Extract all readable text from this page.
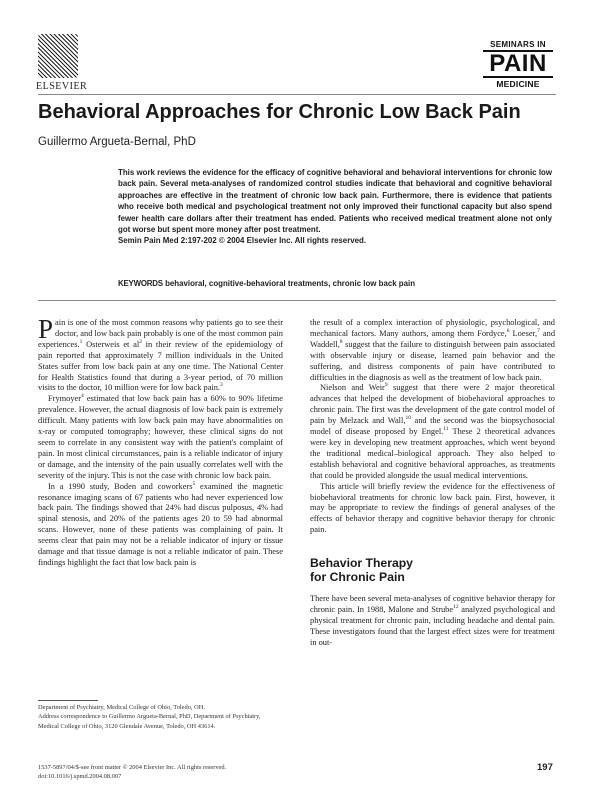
ELSEVIER
SEMINARS IN
PAIN
MEDICINE
Behavioral Approaches for Chronic Low Back Pain

Guillermo Argueta-Bernal, PhD

This work reviews the evidence for the efficacy of cognitive behavioral and behavioral interventions for chronic low back pain. Several meta-analyses of randomized control studies indicate that behavioral and cognitive behavioral approaches are effective in the treatment of chronic low back pain. Furthermore, there is evidence that patients who receive both medical and psychological treatment not only improved their functional capacity but also spend fewer health care dollars after their treatment has ended. Patients who received medical treatment alone not only got worse but spent more money after post treatment.

Semin Pain Med 2:197-202 © 2004 Elsevier Inc. All rights reserved.

KEYWORDS behavioral, cognitive-behavioral treatments, chronic low back pain

Pain is one of the most common reasons why patients go to see their doctor, and low back pain probably is one of the most common pain experiences.$^1$ Osterweis et $al^2$ in their review of the epidemiology of pain reported that approximately 7 million individuals in the United States suffer from low back pain at any one time. The National Center for Health Statistics found that during a 3-year period, of 70 million visits to the doctor, 10 million were for low back pain.$^3$

Frymoyer$^4$ estimated that low back pain has a 60% to 90% lifetime prevalence. However, the actual diagnosis of low back pain is extremely difficult. Many patients with low back pain may have abnormalities on x-ray or computed tomography; however, these clinical signs do not seem to correlate in any consistent way with the patient's complaint of pain. In most clinical circumstances, pain is a reliable indicator of injury or damage, and the intensity of the pain usually correlates well with the severity of the injury. This is not the case with chronic low back pain.

In a 1990 study, Boden and coworkers$^5$ examined the magnetic resonance imaging scans of 67 patients who had never experienced low back pain. The findings showed that 24% had discus pulposus, 4% had spinal stenosis, and 20% of the patients ages 20 to 59 had abnormal scans. However, none of these patients was complaining of pain. It seems clear that pain may not be a reliable indicator of injury or tissue damage and that tissue damage is not a reliable indicator of pain. These findings highlight the fact that low back pain is

the result of a complex interaction of physiologic, psychological, and mechanical factors. Many authors, among them Fordyce,$^6$ Loeser,$^7$ and Waddell,$^8$ suggest that the failure to distinguish between pain associated with observable injury or disease, learned pain behavior and the suffering, and distress components of pain have contributed to difficulties in the diagnosis as well as the treatment of low back pain.

Nielson and Weir$^9$ suggest that there were 2 major theoretical advances that helped the development of biobehavioral approaches to chronic pain. The first was the development of the gate control model of pain by Melzack and Wall,$^{10}$ and the second was the biopsychosocial model of disease proposed by Engel.$^{11}$ These 2 theoretical advances were key in developing new treatment approaches, which went beyond the traditional medical–biological approach. They also helped to establish behavioral and cognitive behavioral approaches, as treatments that could be provided alongside the usual medical interventions.

This article will briefly review the evidence for the effectiveness of biobehavioral treatments for chronic low back pain. First, however, it may be appropriate to review the findings of general analyses of the effects of behavior therapy and cognitive behavior therapy for chronic pain.

Behavior Therapy
for Chronic Pain

There have been several meta-analyses of cognitive behavior therapy for chronic pain. In 1988, Malone and Strube$^{12}$ analyzed psychological and physical treatment for chronic pain, including headache and dental pain. These investigators found that the largest effect sizes were for treatment in out-

Department of Psychiatry, Medical College of Ohio, Toledo, OH.

Address correspondence to Guillermo Argueta-Bernal, PhD, Department of Psychiatry, Medical College of Ohio, 3120 Glendale Avenue, Toledo, OH 43614.

1537-5897/04/$-see front matter © 2004 Elsevier Inc. All rights reserved.
doi:10.1016/j.spmd.2004.08.007
197
